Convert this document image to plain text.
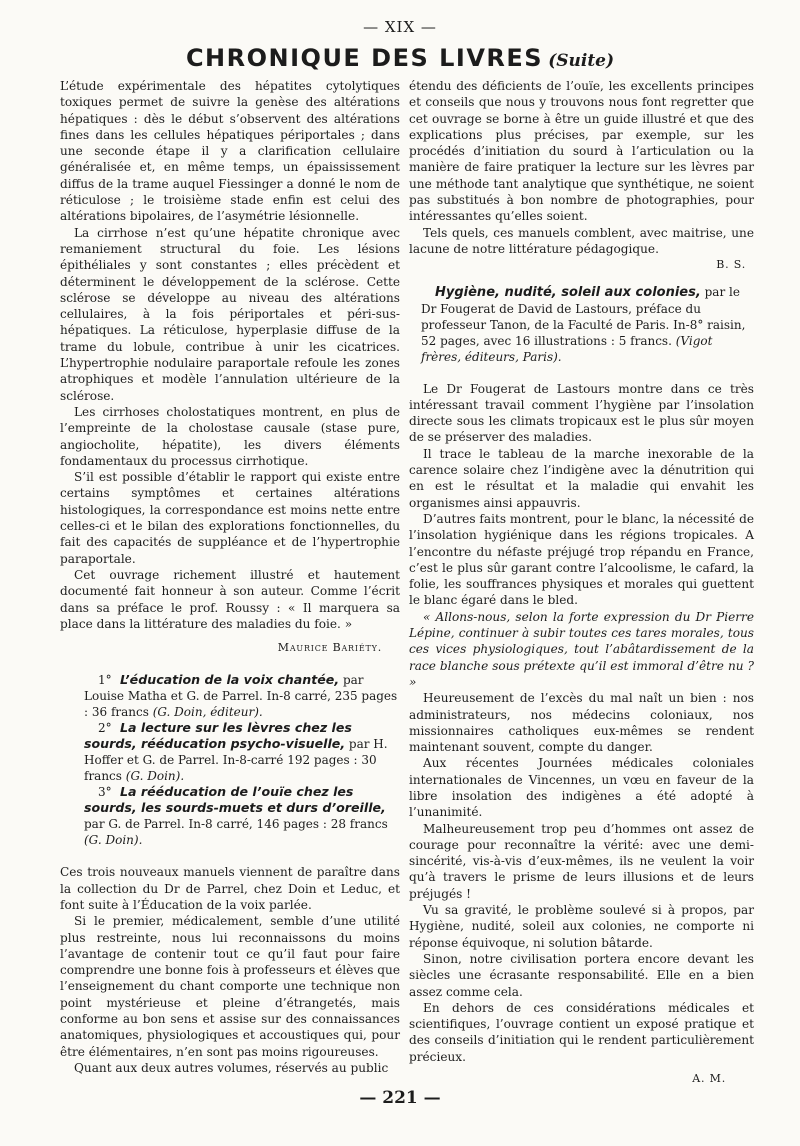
— XIX —
CHRONIQUE DES LIVRES (Suite)

L’étude expérimentale des hépatites cytolytiques toxiques permet de suivre la genèse des altérations hépatiques : dès le début s’observent des altérations fines dans les cellules hépatiques périportales ; dans une seconde étape il y a clarification cellulaire généralisée et, en même temps, un épaississement diffus de la trame auquel Fiessinger a donné le nom de réticulose ; le troisième stade enfin est celui des altérations bipolaires, de l’asymétrie lésionnelle.

La cirrhose n’est qu’une hépatite chronique avec remaniement structural du foie. Les lésions épithéliales y sont constantes ; elles précèdent et déterminent le développement de la sclérose. Cette sclérose se développe au niveau des altérations cellulaires, à la fois périportales et péri-sus-hépatiques. La réticulose, hyperplasie diffuse de la trame du lobule, contribue à unir les cicatrices. L’hypertrophie nodulaire paraportale refoule les zones atrophiques et modèle l’annulation ultérieure de la sclérose.

Les cirrhoses cholostatiques montrent, en plus de l’empreinte de la cholostase causale (stase pure, angiocholite, hépatite), les divers éléments fondamentaux du processus cirrhotique.

S’il est possible d’établir le rapport qui existe entre certains symptômes et certaines altérations histologiques, la correspondance est moins nette entre celles-ci et le bilan des explorations fonctionnelles, du fait des capacités de suppléance et de l’hypertrophie paraportale.

Cet ouvrage richement illustré et hautement documenté fait honneur à son auteur. Comme l’écrit dans sa préface le prof. Roussy : « Il marquera sa place dans la littérature des maladies du foie. »

Maurice Bariéty.

1° L’éducation de la voix chantée, par Louise Matha et G. de Parrel. In-8 carré, 235 pages : 36 francs (G. Doin, éditeur).

2° La lecture sur les lèvres chez les sourds, rééducation psycho-visuelle, par H. Hoffer et G. de Parrel. In-8-carré 192 pages : 30 francs (G. Doin).

3° La rééducation de l’ouïe chez les sourds, les sourds-muets et durs d’oreille, par G. de Parrel. In-8 carré, 146 pages : 28 francs (G. Doin).

Ces trois nouveaux manuels viennent de paraître dans la collection du Dr de Parrel, chez Doin et Leduc, et font suite à l’Éducation de la voix parlée.

Si le premier, médicalement, semble d’une utilité plus restreinte, nous lui reconnaissons du moins l’avantage de contenir tout ce qu’il faut pour faire comprendre une bonne fois à professeurs et élèves que l’enseignement du chant comporte une technique non point mystérieuse et pleine d’étrangetés, mais conforme au bon sens et assise sur des connaissances anatomiques, physiologiques et accoustiques qui, pour être élémentaires, n’en sont pas moins rigoureuses.

Quant aux deux autres volumes, réservés au public

étendu des déficients de l’ouïe, les excellents principes et conseils que nous y trouvons nous font regretter que cet ouvrage se borne à être un guide illustré et que des explications plus précises, par exemple, sur les procédés d’initiation du sourd à l’articulation ou la manière de faire pratiquer la lecture sur les lèvres par une méthode tant analytique que synthétique, ne soient pas substitués à bon nombre de photographies, pour intéressantes qu’elles soient.

Tels quels, ces manuels comblent, avec maitrise, une lacune de notre littérature pédagogique.

B. S.

Hygiène, nudité, soleil aux colonies, par le Dr Fougerat de David de Lastours, préface du professeur Tanon, de la Faculté de Paris. In-8° raisin, 52 pages, avec 16 illustrations : 5 francs. (Vigot frères, éditeurs, Paris).

Le Dr Fougerat de Lastours montre dans ce très intéressant travail comment l’hygiène par l’insolation directe sous les climats tropicaux est le plus sûr moyen de se préserver des maladies.

Il trace le tableau de la marche inexorable de la carence solaire chez l’indigène avec la dénutrition qui en est le résultat et la maladie qui envahit les organismes ainsi appauvris.

D’autres faits montrent, pour le blanc, la nécessité de l’insolation hygiénique dans les régions tropicales. A l’encontre du néfaste préjugé trop répandu en France, c’est le plus sûr garant contre l’alcoolisme, le cafard, la folie, les souffrances physiques et morales qui guettent le blanc égaré dans le bled.

« Allons-nous, selon la forte expression du Dr Pierre Lépine, continuer à subir toutes ces tares morales, tous ces vices physiologiques, tout l’abâtardissement de la race blanche sous prétexte qu’il est immoral d’être nu ? »

Heureusement de l’excès du mal naît un bien : nos administrateurs, nos médecins coloniaux, nos missionnaires catholiques eux-mêmes se rendent maintenant souvent, compte du danger.

Aux récentes Journées médicales coloniales internationales de Vincennes, un vœu en faveur de la libre insolation des indigènes a été adopté à l’unanimité.

Malheureusement trop peu d’hommes ont assez de courage pour reconnaître la vérité: avec une demi-sincérité, vis-à-vis d’eux-mêmes, ils ne veulent la voir qu’à travers le prisme de leurs illusions et de leurs préjugés !

Vu sa gravité, le problème soulevé si à propos, par Hygiène, nudité, soleil aux colonies, ne comporte ni réponse équivoque, ni solution bâtarde.

Sinon, notre civilisation portera encore devant les siècles une écrasante responsabilité. Elle en a bien assez comme cela.

En dehors de ces considérations médicales et scientifiques, l’ouvrage contient un exposé pratique et des conseils d’initiation qui le rendent particulièrement précieux.

A. M.

— 221 —
